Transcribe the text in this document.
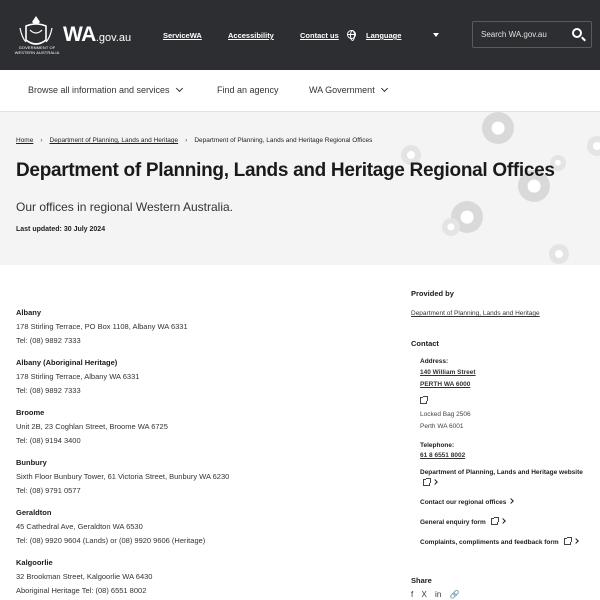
GOVERNMENT OF WESTERN AUSTRALIA
WA.gov.au	ServiceWA	Accessibility	Contact us	Language	Search WA.gov.au
Browse all information and services	Find an agency	WA Government
Home › Department of Planning, Lands and Heritage › Department of Planning, Lands and Heritage Regional Offices
Department of Planning, Lands and Heritage Regional Offices

Our offices in regional Western Australia.

Last updated: 30 July 2024

Albany

178 Stirling Terrace, PO Box 1108, Albany WA 6331

Tel: (08) 9892 7333

Albany (Aboriginal Heritage)

178 Stirling Terrace, Albany WA 6331

Tel: (08) 9892 7333

Broome

Unit 2B, 23 Coghlan Street, Broome WA 6725

Tel: (08) 9194 3400

Bunbury

Sixth Floor Bunbury Tower, 61 Victoria Street, Bunbury WA 6230

Tel: (08) 9791 0577

Geraldton

45 Cathedral Ave, Geraldton WA 6530

Tel: (08) 9920 9604 (Lands) or (08) 9920 9606 (Heritage)

Kalgoorlie

32 Brookman Street, Kalgoorlie WA 6430

Aboriginal Heritage Tel: (08) 6551 8002

Provided by
Department of Planning, Lands and Heritage
Contact
Address:
140 William Street
PERTH WA 6000
Locked Bag 2506
Perth WA 6001
Telephone:
61 8 6551 8002
Department of Planning, Lands and Heritage website
Contact our regional offices
General enquiry form
Complaints, compliments and feedback form
Share
f X in 🔗
